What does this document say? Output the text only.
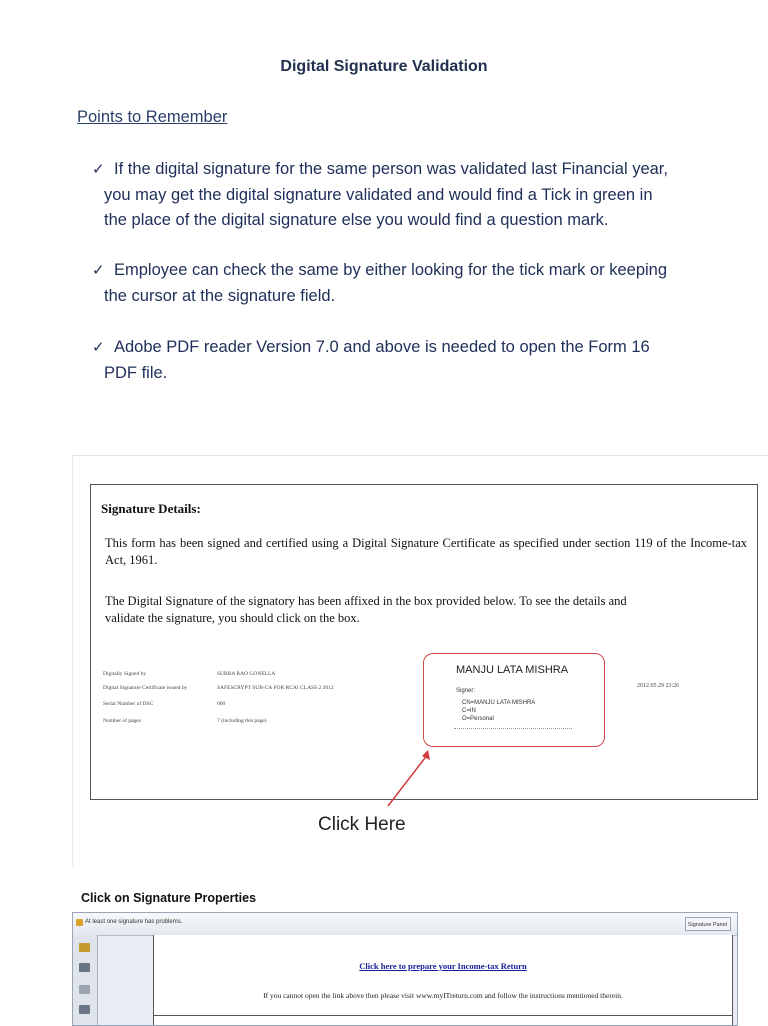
Digital Signature Validation
Points to Remember
✓ If the digital signature for the same person was validated last Financial year,
you may get the digital signature validated and would find a Tick in green in
the place of the digital signature else you would find a question mark.
✓ Employee can check the same by either looking for the tick mark or keeping
the cursor at the signature field.
✓ Adobe PDF reader Version 7.0 and above is needed to open the Form 16
PDF file.
Signature Details:
This form has been signed and certified using a Digital Signature Certificate as specified under section 119 of the Income-tax Act, 1961.
The Digital Signature of the signatory has been affixed in the box provided below. To see the details and validate the signature, you should click on the box.
Digitally Signed by	SUBBA RAO GONELLA
Digital Signature Certificate issued by	SAFESCRYPT SUB-CA FOR RCAI CLASS 2 2012
Serial Number of DSC	000
Number of pages	7 (including this page)
MANJU LATA MISHRA
Signer:
CN=MANJU LATA MISHRA
C=IN
O=Personal
2012.05.29 23:26
Click Here
Click on Signature Properties
At least one signature has problems.	Signature Panel
Click here to prepare your Income-tax Return
If you cannot open the link above then please visit www.myITreturn.com and follow the instructions mentioned therein.
